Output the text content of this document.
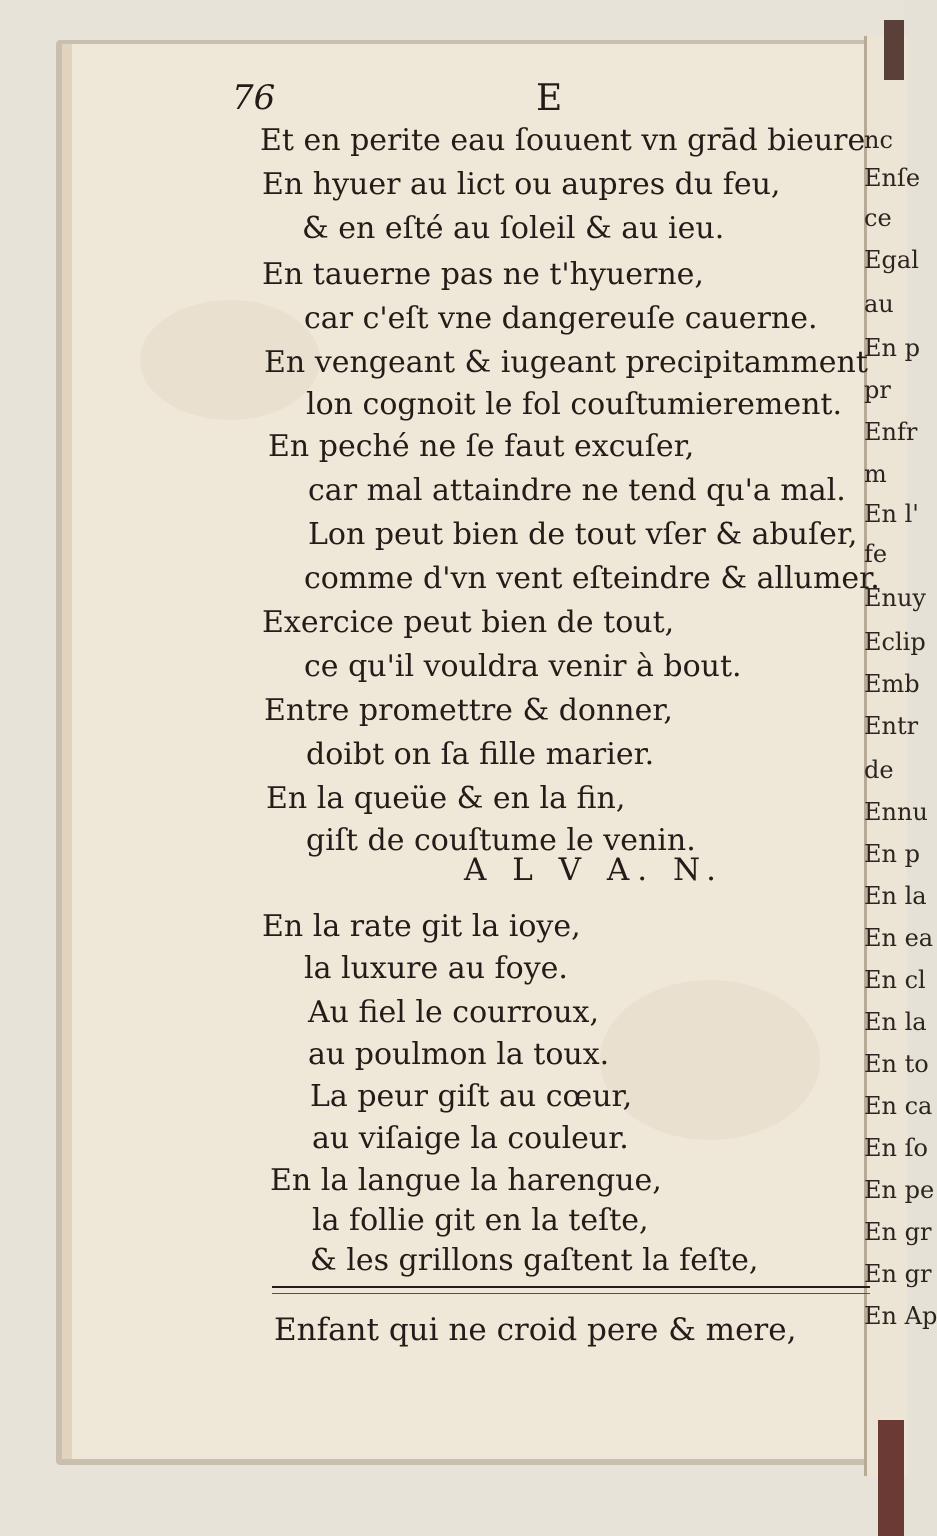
76	E
Et en perite eau ſouuent vn grād bieure
En hyuer au lict ou aupres du feu,
& en eſté au ſoleil & au ieu.
En tauerne pas ne t'hyuerne,
car c'eſt vne dangereuſe cauerne.
En vengeant & iugeant precipitamment
lon cognoit le fol couſtumierement.
En peché ne ſe faut excuſer,
car mal attaindre ne tend qu'a mal.
Lon peut bien de tout vſer & abuſer,
comme d'vn vent eſteindre & allumer.
Exercice peut bien de tout,
ce qu'il vouldra venir à bout.
Entre promettre & donner,
doibt on ſa fille marier.
En la queüe & en la fin,
giſt de couſtume le venin.
En la rate git la ioye,
la luxure au foye.
Au fiel le courroux,
au poulmon la toux.
La peur giſt au cœur,
au viſaige la couleur.
En la langue la harengue,
la follie git en la teſte,
& les grillons gaſtent la feſte,
A L V A. N.
Enfant qui ne croid pere & mere,
nc
Enſe
ce
Egal
au
En p
pr
Enfr
m
En l'
fe
Enuy
Eclip
Emb
Entr
de
Ennu
En p
En la
En ea
En cl
En la
En to
En ca
En ſo
En pe
En gr
En gr
En Ap
